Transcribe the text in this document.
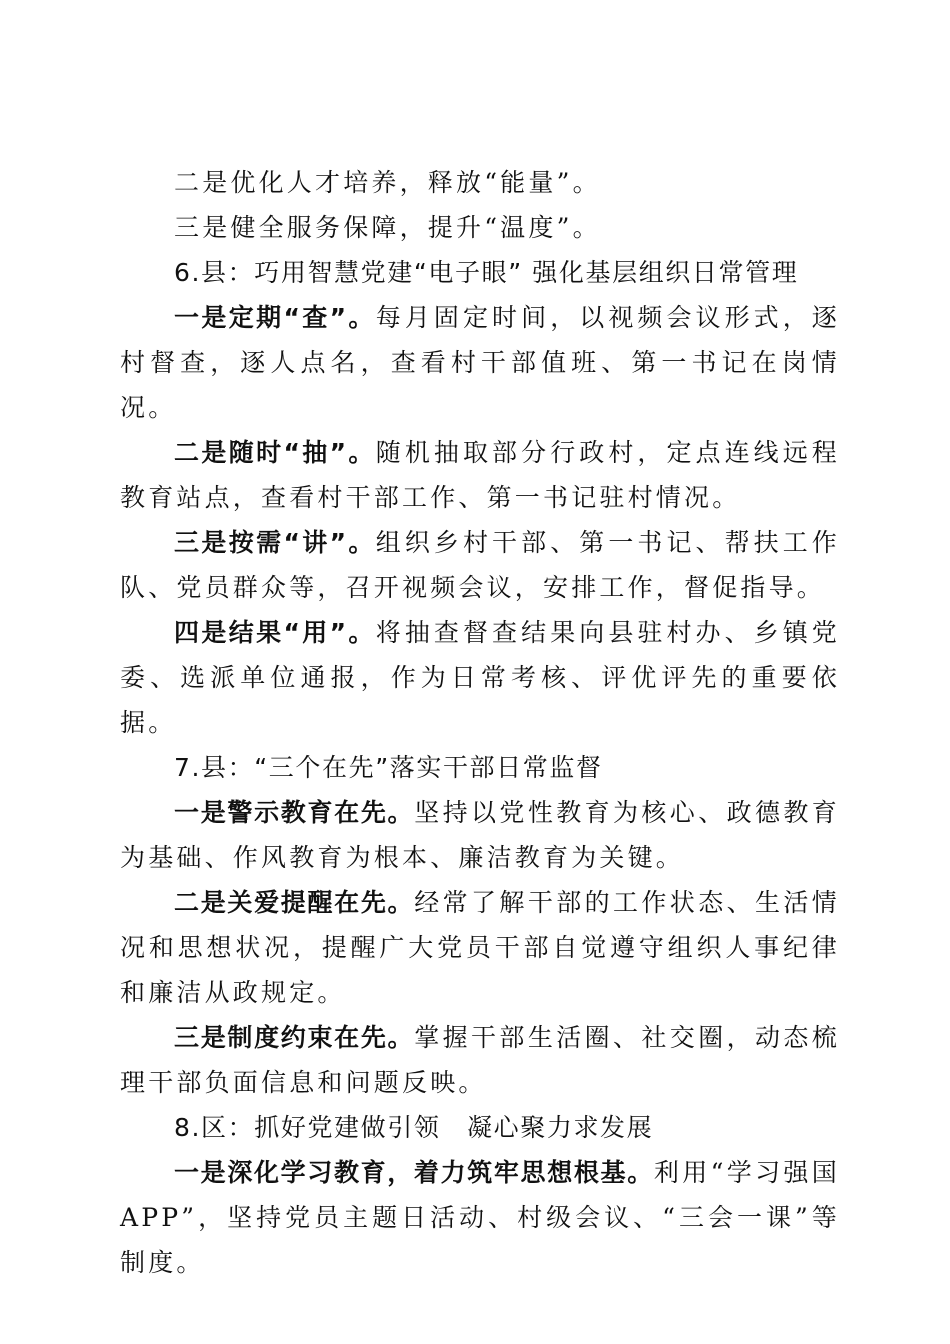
二是优化人才培养，释放“能量”。

三是健全服务保障，提升“温度”。

6.县：巧用智慧党建“电子眼” 强化基层组织日常管理

一是定期“查”。每月固定时间，以视频会议形式，逐村督查，逐人点名，查看村干部值班、第一书记在岗情况。

二是随时“抽”。随机抽取部分行政村，定点连线远程教育站点，查看村干部工作、第一书记驻村情况。

三是按需“讲”。组织乡村干部、第一书记、帮扶工作队、党员群众等，召开视频会议，安排工作，督促指导。

四是结果“用”。将抽查督查结果向县驻村办、乡镇党委、选派单位通报，作为日常考核、评优评先的重要依据。

7.县：“三个在先”落实干部日常监督

一是警示教育在先。坚持以党性教育为核心、政德教育为基础、作风教育为根本、廉洁教育为关键。

二是关爱提醒在先。经常了解干部的工作状态、生活情况和思想状况，提醒广大党员干部自觉遵守组织人事纪律和廉洁从政规定。

三是制度约束在先。掌握干部生活圈、社交圈，动态梳理干部负面信息和问题反映。

8.区：抓好党建做引领　凝心聚力求发展

一是深化学习教育，着力筑牢思想根基。利用“学习强国APP”，坚持党员主题日活动、村级会议、“三会一课”等制度。
